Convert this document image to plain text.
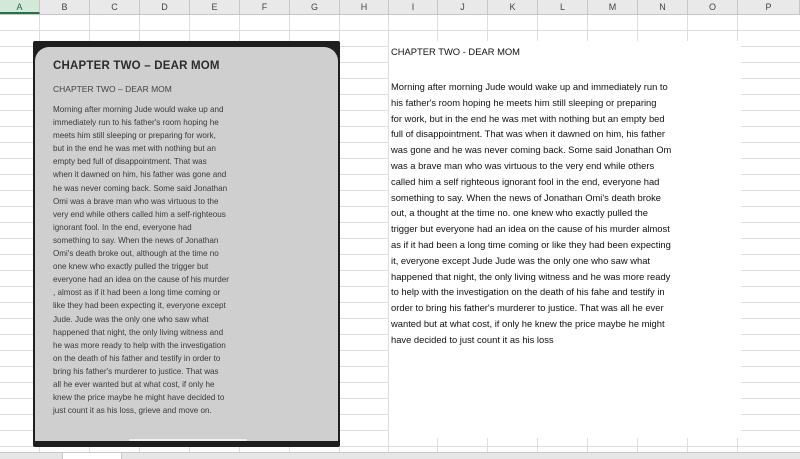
A	B	C	D	E	F	G	H	I	J	K	L	M	N	O	P
CHAPTER TWO – DEAR MOM
CHAPTER TWO – DEAR MOM
Morning after morning Jude would wake up and
immediately run to his father's room hoping he
meets him still sleeping or preparing for work,
but in the end he was met with nothing but an
empty bed full of disappointment. That was
when it dawned on him, his father was gone and
he was never coming back. Some said Jonathan
Omi was a brave man who was virtuous to the
very end while others called him a self-righteous
ignorant fool. In the end, everyone had
something to say. When the news of Jonathan
Omi's death broke out, although at the time no
one knew who exactly pulled the trigger but
everyone had an idea on the cause of his murder
, almost as if it had been a long time coming or
like they had been expecting it, everyone except
Jude. Jude was the only one who saw what
happened that night, the only living witness and
he was more ready to help with the investigation
on the death of his father and testify in order to
bring his father's murderer to justice. That was
all he ever wanted but at what cost, if only he
knew the price maybe he might have decided to
just count it as his loss, grieve and move on.
CHAPTER TWO - DEAR MOM
Morning after morning Jude would wake up and immediately run to
his father's room hoping he meets him still sleeping or preparing
for work, but in the end he was met with nothing but an empty bed
full of disappointment. That was when it dawned on him, his father
was gone and he was never coming back. Some said Jonathan Om
was a brave man who was virtuous to the very end while others
called him a self righteous ignorant fool in the end, everyone had
something to say. When the news of Jonathan Omi's death broke
out, a thought at the time no. one knew who exactly pulled the
trigger but everyone had an idea on the cause of his murder almost
as if it had been a long time coming or like they had been expecting
it, everyone except Jude Jude was the only one who saw what
happened that night, the only living witness and he was more ready
to help with the investigation on the death of his fahe and testify in
order to bring his father's murderer to justice. That was all he ever
wanted but at what cost, if only he knew the price maybe he might
have decided to just count it as his loss
